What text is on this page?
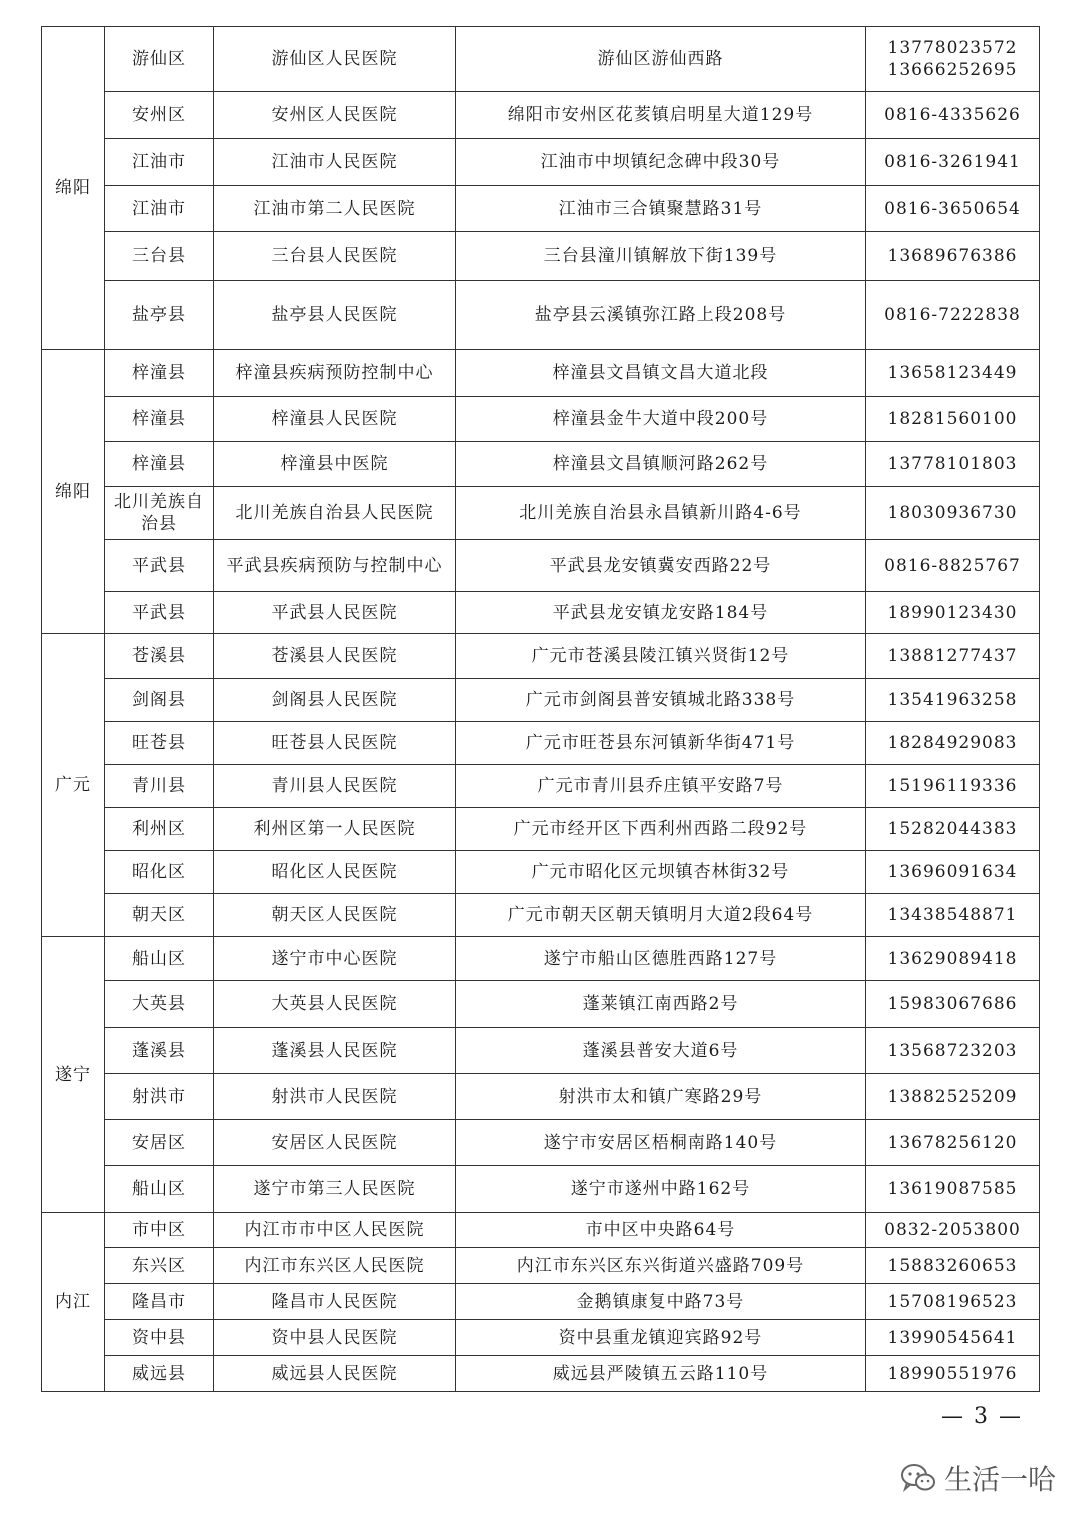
绵阳	游仙区	游仙区人民医院	游仙区游仙西路	13778023572
13666252695

	安州区	安州区人民医院	绵阳市安州区花荄镇启明星大道129号	0816-4335626
	江油市	江油市人民医院	江油市中坝镇纪念碑中段30号	0816-3261941
	江油市	江油市第二人民医院	江油市三合镇聚慧路31号	0816-3650654
	三台县	三台县人民医院	三台县潼川镇解放下街139号	13689676386
	盐亭县	盐亭县人民医院	盐亭县云溪镇弥江路上段208号	0816-7222838
绵阳	梓潼县	梓潼县疾病预防控制中心	梓潼县文昌镇文昌大道北段	13658123449
	梓潼县	梓潼县人民医院	梓潼县金牛大道中段200号	18281560100
	梓潼县	梓潼县中医院	梓潼县文昌镇顺河路262号	13778101803
	北川羌族自治县	北川羌族自治县人民医院	北川羌族自治县永昌镇新川路4-6号	18030936730
	平武县	平武县疾病预防与控制中心	平武县龙安镇冀安西路22号	0816-8825767
	平武县	平武县人民医院	平武县龙安镇龙安路184号	18990123430
广元	苍溪县	苍溪县人民医院	广元市苍溪县陵江镇兴贤街12号	13881277437
	剑阁县	剑阁县人民医院	广元市剑阁县普安镇城北路338号	13541963258
	旺苍县	旺苍县人民医院	广元市旺苍县东河镇新华街471号	18284929083
	青川县	青川县人民医院	广元市青川县乔庄镇平安路7号	15196119336
	利州区	利州区第一人民医院	广元市经开区下西利州西路二段92号	15282044383
	昭化区	昭化区人民医院	广元市昭化区元坝镇杏林街32号	13696091634
	朝天区	朝天区人民医院	广元市朝天区朝天镇明月大道2段64号	13438548871
遂宁	船山区	遂宁市中心医院	遂宁市船山区德胜西路127号	13629089418
	大英县	大英县人民医院	蓬莱镇江南西路2号	15983067686
	蓬溪县	蓬溪县人民医院	蓬溪县普安大道6号	13568723203
	射洪市	射洪市人民医院	射洪市太和镇广寒路29号	13882525209
	安居区	安居区人民医院	遂宁市安居区梧桐南路140号	13678256120
	船山区	遂宁市第三人民医院	遂宁市遂州中路162号	13619087585
内江	市中区	内江市市中区人民医院	市中区中央路64号	0832-2053800
	东兴区	内江市东兴区人民医院	内江市东兴区东兴街道兴盛路709号	15883260653
	隆昌市	隆昌市人民医院	金鹅镇康复中路73号	15708196523
	资中县	资中县人民医院	资中县重龙镇迎宾路92号	13990545641
	威远县	威远县人民医院	威远县严陵镇五云路110号	18990551976
— 3 —
生活一哈
